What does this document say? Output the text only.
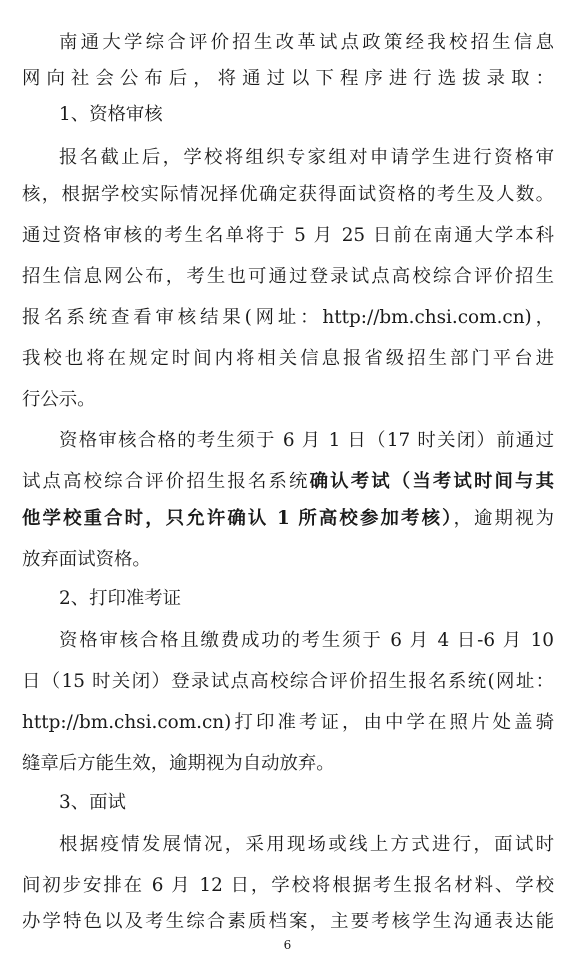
南通大学综合评价招生改革试点政策经我校招生信息
网向社会公布后，将通过以下程序进行选拔录取：
1、资格审核
报名截止后，学校将组织专家组对申请学生进行资格审
核，根据学校实际情况择优确定获得面试资格的考生及人数。
通过资格审核的考生名单将于 5 月 25 日前在南通大学本科
招生信息网公布，考生也可通过登录试点高校综合评价招生
报名系统查看审核结果(网址：http://bm.chsi.com.cn)，
我校也将在规定时间内将相关信息报省级招生部门平台进
行公示。
资格审核合格的考生须于 6 月 1 日（17 时关闭）前通过
试点高校综合评价招生报名系统确认考试（当考试时间与其
他学校重合时，只允许确认 1 所高校参加考核），逾期视为
放弃面试资格。
2、打印准考证
资格审核合格且缴费成功的考生须于 6 月 4 日-6 月 10
日（15 时关闭）登录试点高校综合评价招生报名系统(网址：
http://bm.chsi.com.cn)打印准考证，由中学在照片处盖骑
缝章后方能生效，逾期视为自动放弃。
3、面试
根据疫情发展情况，采用现场或线上方式进行，面试时
间初步安排在 6 月 12 日，学校将根据考生报名材料、学校
办学特色以及考生综合素质档案，主要考核学生沟通表达能
6
